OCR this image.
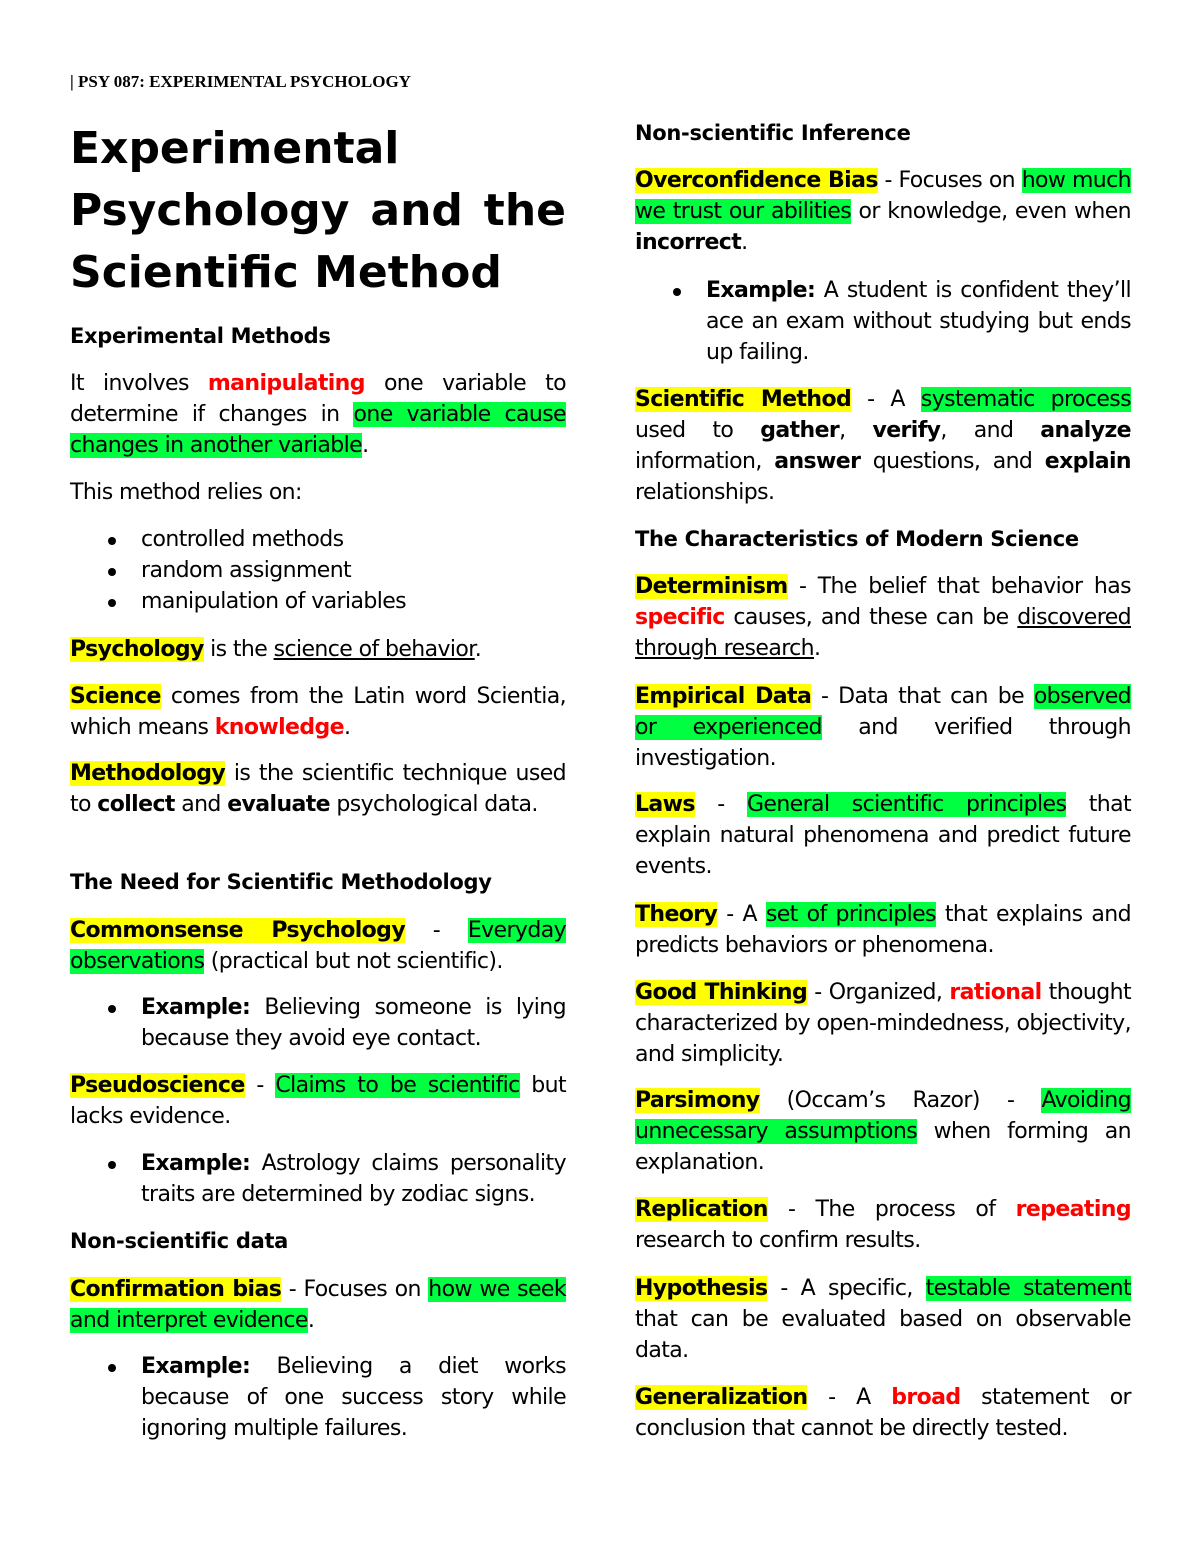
| PSY 087: EXPERIMENTAL PSYCHOLOGY
Experimental
Psychology and the
Scientific Method
Experimental Methods
It involves manipulating one variable to determine if changes in one variable cause changes in another variable.
This method relies on:
controlled methods
random assignment
manipulation of variables
Psychology is the science of behavior.
Science comes from the Latin word Scientia, which means knowledge.
Methodology is the scientific technique used to collect and evaluate psychological data.
The Need for Scientific Methodology
Commonsense Psychology - Everyday observations (practical but not scientific).
Example: Believing someone is lying because they avoid eye contact.
Pseudoscience - Claims to be scientific but lacks evidence.
Example: Astrology claims personality traits are determined by zodiac signs.
Non-scientific data
Confirmation bias - Focuses on how we seek and interpret evidence.
Example: Believing a diet works because of one success story while ignoring multiple failures.
Non-scientific Inference
Overconfidence Bias - Focuses on how much we trust our abilities or knowledge, even when incorrect.
Example: A student is confident they’ll ace an exam without studying but ends up failing.
Scientific Method - A systematic process used to gather, verify, and analyze information, answer questions, and explain relationships.
The Characteristics of Modern Science
Determinism - The belief that behavior has specific causes, and these can be discovered through research.
Empirical Data - Data that can be observed or experienced and verified through investigation.
Laws - General scientific principles that explain natural phenomena and predict future events.
Theory - A set of principles that explains and predicts behaviors or phenomena.
Good Thinking - Organized, rational thought characterized by open-mindedness, objectivity, and simplicity.
Parsimony (Occam’s Razor) - Avoiding unnecessary assumptions when forming an explanation.
Replication - The process of repeating research to confirm results.
Hypothesis - A specific, testable statement that can be evaluated based on observable data.
Generalization - A broad statement or conclusion that cannot be directly tested.
